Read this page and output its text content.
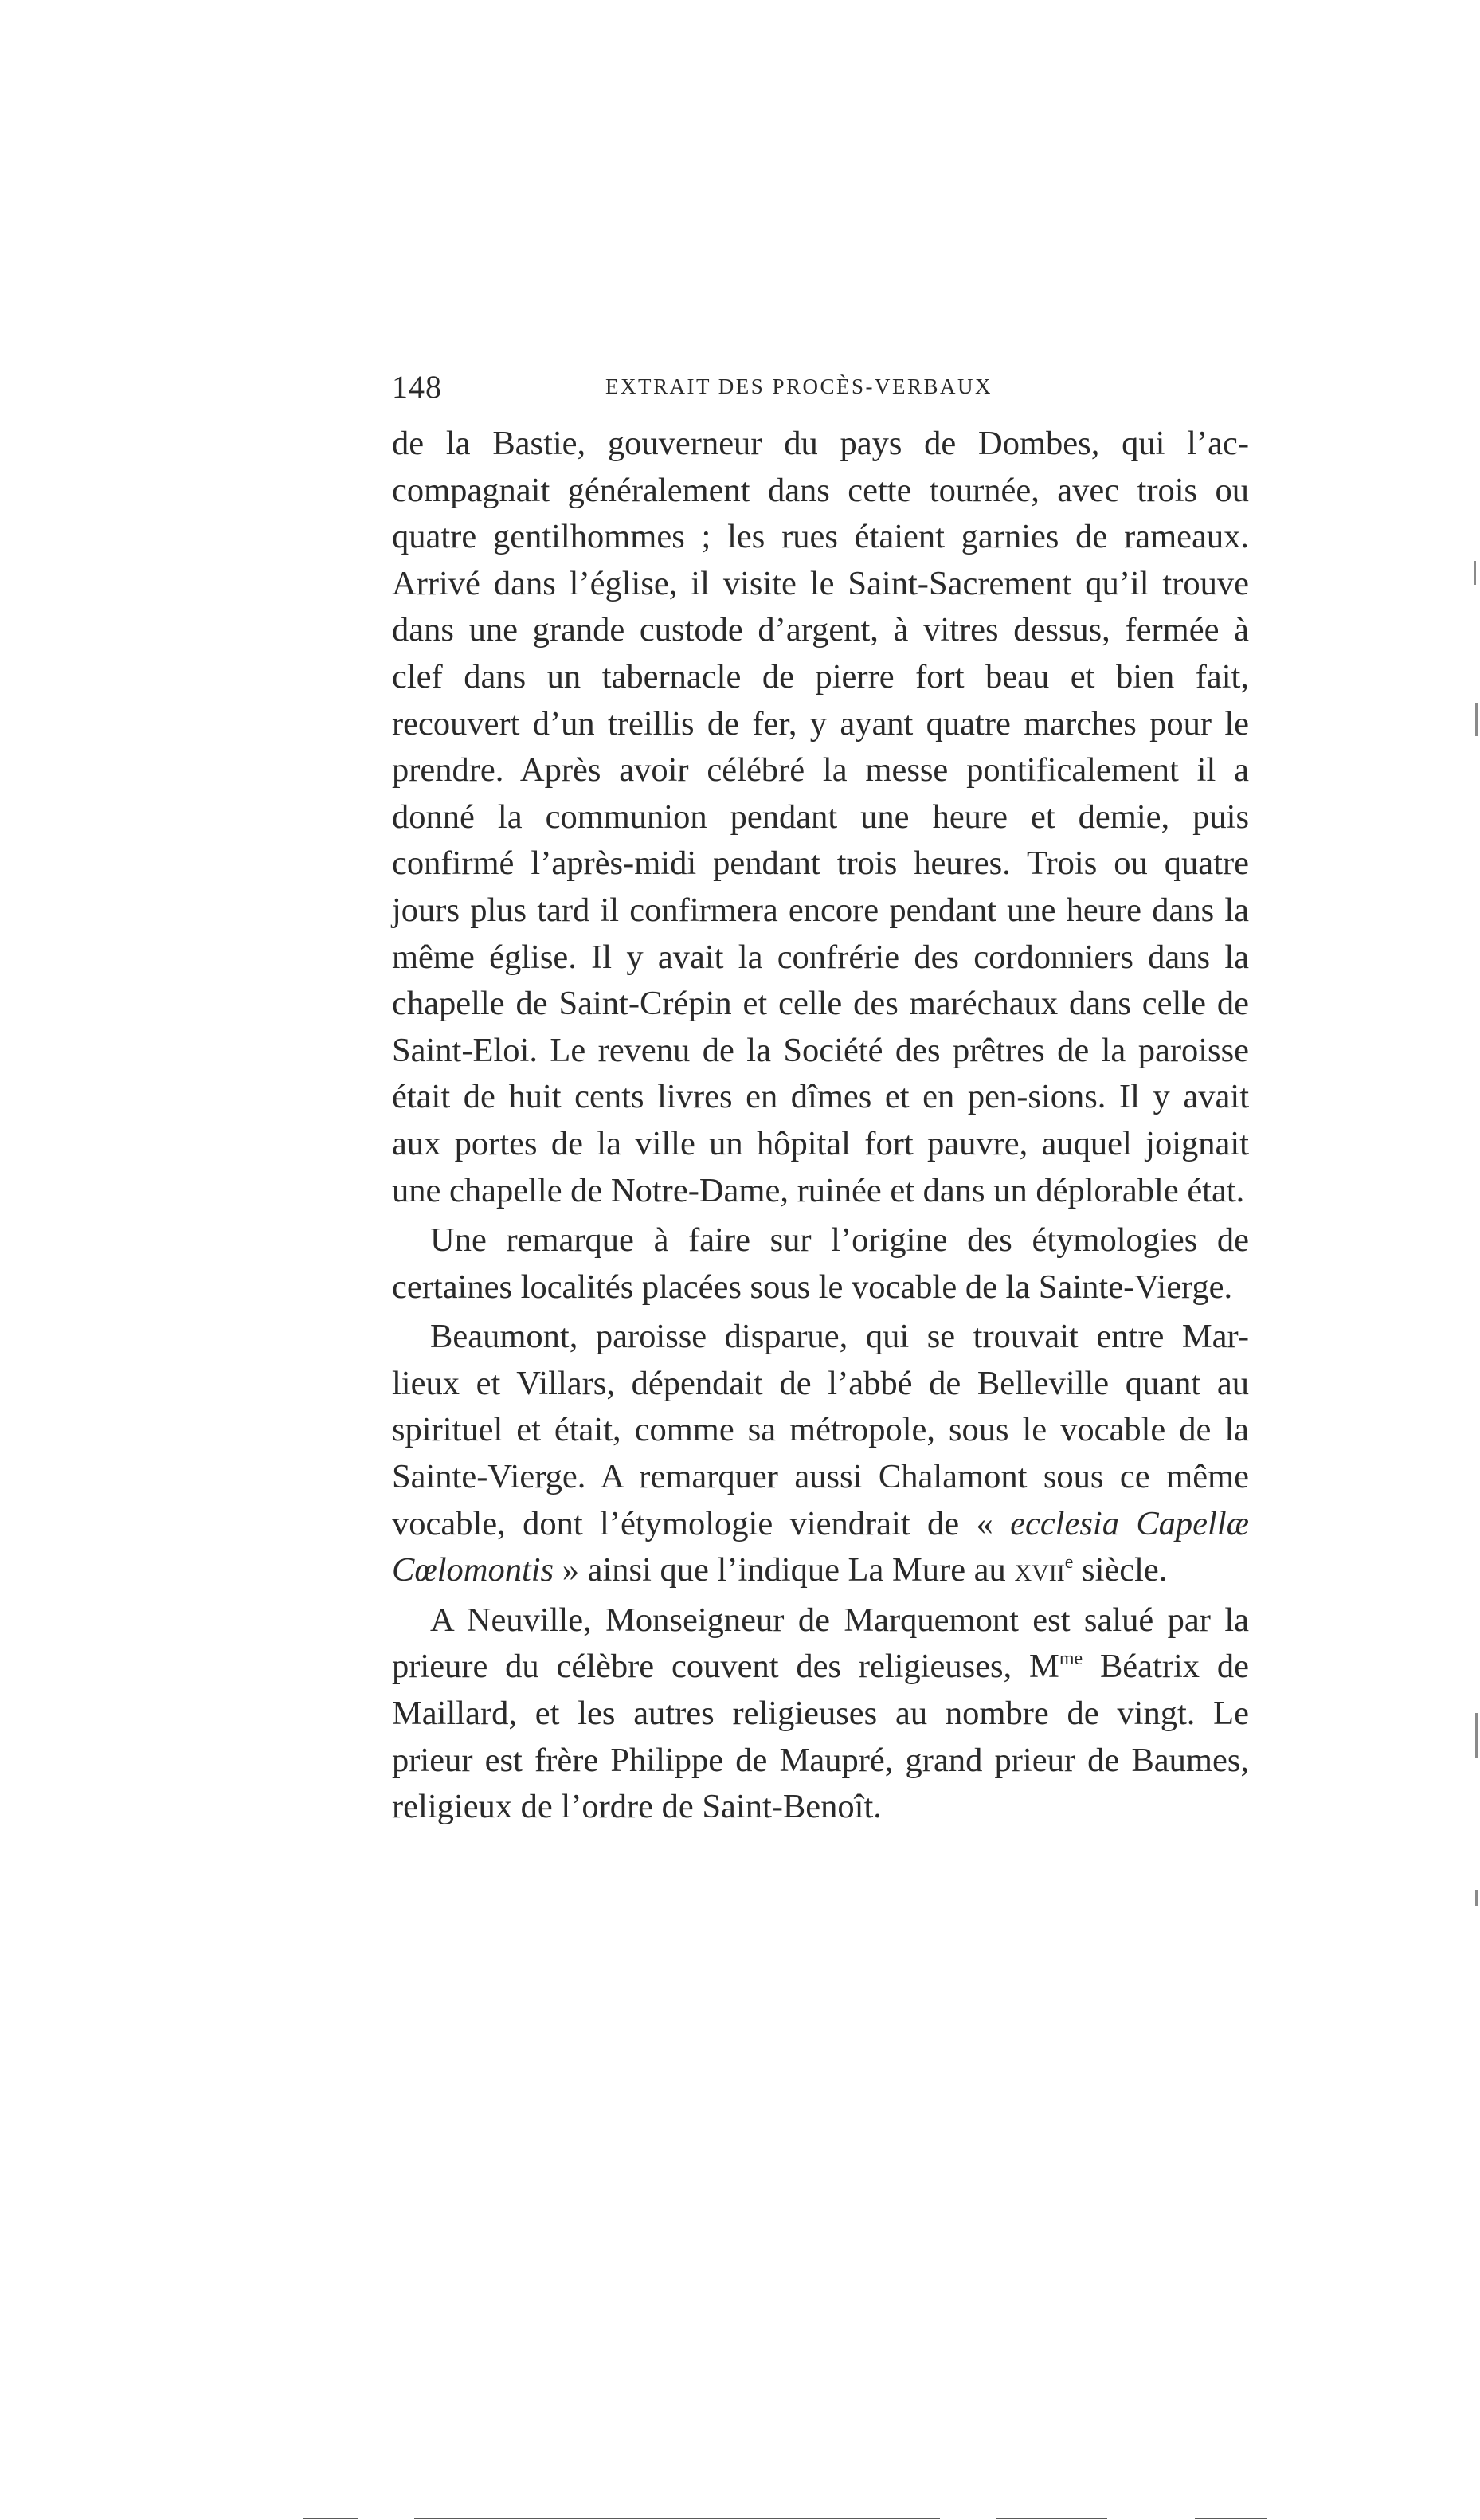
148	EXTRAIT DES PROCÈS-VERBAUX

de la Bastie, gouverneur du pays de Dombes, qui l’ac-compagnait généralement dans cette tournée, avec trois ou quatre gentilhommes ; les rues étaient garnies de rameaux. Arrivé dans l’église, il visite le Saint-Sacrement qu’il trouve dans une grande custode d’argent, à vitres dessus, fermée à clef dans un tabernacle de pierre fort beau et bien fait, recouvert d’un treillis de fer, y ayant quatre marches pour le prendre. Après avoir célébré la messe pontificalement il a donné la communion pendant une heure et demie, puis confirmé l’après-midi pendant trois heures. Trois ou quatre jours plus tard il confirmera encore pendant une heure dans la même église. Il y avait la confrérie des cordonniers dans la chapelle de Saint-Crépin et celle des maréchaux dans celle de Saint-Eloi. Le revenu de la Société des prêtres de la paroisse était de huit cents livres en dîmes et en pen-sions. Il y avait aux portes de la ville un hôpital fort pauvre, auquel joignait une chapelle de Notre-Dame, ruinée et dans un déplorable état.

Une remarque à faire sur l’origine des étymologies de certaines localités placées sous le vocable de la Sainte-Vierge.

Beaumont, paroisse disparue, qui se trouvait entre Mar-lieux et Villars, dépendait de l’abbé de Belleville quant au spirituel et était, comme sa métropole, sous le vocable de la Sainte-Vierge. A remarquer aussi Chalamont sous ce même vocable, dont l’étymologie viendrait de « ecclesia Capellæ Cœlomontis » ainsi que l’indique La Mure au xvii$^e$ siècle.

A Neuville, Monseigneur de Marquemont est salué par la prieure du célèbre couvent des religieuses, $M^{me}$ Béatrix de Maillard, et les autres religieuses au nombre de vingt. Le prieur est frère Philippe de Maupré, grand prieur de Baumes, religieux de l’ordre de Saint-Benoît.
